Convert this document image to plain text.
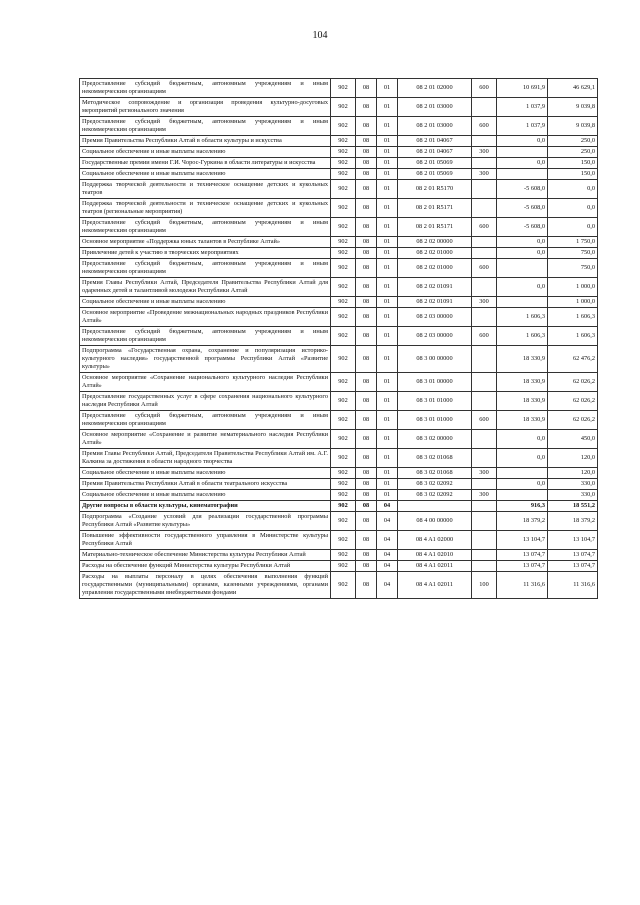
104
Предоставление субсидий бюджетным, автономным учреждениям и иным некоммерческим организациям	902	08	01	08 2 01 02000	600	10 691,9	46 629,1
Методическое сопровождение и организация проведения культурно-досуговых мероприятий регионального значения	902	08	01	08 2 01 03000		1 037,9	9 039,8
Предоставление субсидий бюджетным, автономным учреждениям и иным некоммерческим организациям	902	08	01	08 2 01 03000	600	1 037,9	9 039,8
Премия Правительства Республики Алтай в области культуры и искусства	902	08	01	08 2 01 04067		0,0	250,0
Социальное обеспечение и иные выплаты населению	902	08	01	08 2 01 04067	300		250,0
Государственные премии имени Г.И. Чорос-Гуркина в области литературы и искусства	902	08	01	08 2 01 05069		0,0	150,0
Социальное обеспечение и иные выплаты населению	902	08	01	08 2 01 05069	300		150,0
Поддержка творческой деятельности и техническое оснащение детских и кукольных театров	902	08	01	08 2 01 R5170		-5 608,0	0,0
Поддержка творческой деятельности и техническое оснащение детских и кукольных театров (региональные мероприятия)	902	08	01	08 2 01 R5171		-5 608,0	0,0
Предоставление субсидий бюджетным, автономным учреждениям и иным некоммерческим организациям	902	08	01	08 2 01 R5171	600	-5 608,0	0,0
Основное мероприятие «Поддержка юных талантов в Республике Алтай»	902	08	01	08 2 02 00000		0,0	1 750,0
Привлечение детей к участию в творческих мероприятиях	902	08	01	08 2 02 01000		0,0	750,0
Предоставление субсидий бюджетным, автономным учреждениям и иным некоммерческим организациям	902	08	01	08 2 02 01000	600		750,0
Премия Главы Республики Алтай, Председателя Правительства Республики Алтай для одаренных детей и талантливой молодежи Республики Алтай	902	08	01	08 2 02 01091		0,0	1 000,0
Социальное обеспечение и иные выплаты населению	902	08	01	08 2 02 01091	300		1 000,0
Основное мероприятие «Проведение межнациональных народных праздников Республики Алтай»	902	08	01	08 2 03 00000		1 606,3	1 606,3
Предоставление субсидий бюджетным, автономным учреждениям и иным некоммерческим организациям	902	08	01	08 2 03 00000	600	1 606,3	1 606,3
Подпрограмма «Государственная охрана, сохранение и популяризация историко-культурного наследия» государственной программы Республики Алтай «Развитие культуры»	902	08	01	08 3 00 00000		18 330,9	62 476,2
Основное мероприятие «Сохранение национального культурного наследия Республики Алтай»	902	08	01	08 3 01 00000		18 330,9	62 026,2
Предоставление государственных услуг в сфере сохранения национального культурного наследия Республики Алтай	902	08	01	08 3 01 01000		18 330,9	62 026,2
Предоставление субсидий бюджетным, автономным учреждениям и иным некоммерческим организациям	902	08	01	08 3 01 01000	600	18 330,9	62 026,2
Основное мероприятие «Сохранение и развитие нематериального наследия Республики Алтай»	902	08	01	08 3 02 00000		0,0	450,0
Премия Главы Республики Алтай, Председателя Правительства Республики Алтай им. А.Г. Калкина за достижения в области народного творчества	902	08	01	08 3 02 01068		0,0	120,0
Социальное обеспечение и иные выплаты населению	902	08	01	08 3 02 01068	300		120,0
Премия Правительства Республики Алтай в области театрального искусства	902	08	01	08 3 02 02092		0,0	330,0
Социальное обеспечение и иные выплаты населению	902	08	01	08 3 02 02092	300		330,0
Другие вопросы в области культуры, кинематографии	902	08	04			916,3	18 551,2
Подпрограмма «Создание условий для реализации государственной программы Республики Алтай «Развитие культуры»	902	08	04	08 4 00 00000		18 379,2	18 379,2
Повышение эффективности государственного управления в Министерстве культуры Республики Алтай	902	08	04	08 4 A1 02000		13 104,7	13 104,7
Материально-техническое обеспечение Министерства культуры Республики Алтай	902	08	04	08 4 A1 02010		13 074,7	13 074,7
Расходы на обеспечение функций Министерства культуры Республики Алтай	902	08	04	08 4 A1 02011		13 074,7	13 074,7
Расходы на выплаты персоналу в целях обеспечения выполнения функций государственными (муниципальными) органами, казенными учреждениями, органами управления государственными внебюджетными фондами	902	08	04	08 4 A1 02011	100	11 316,6	11 316,6
